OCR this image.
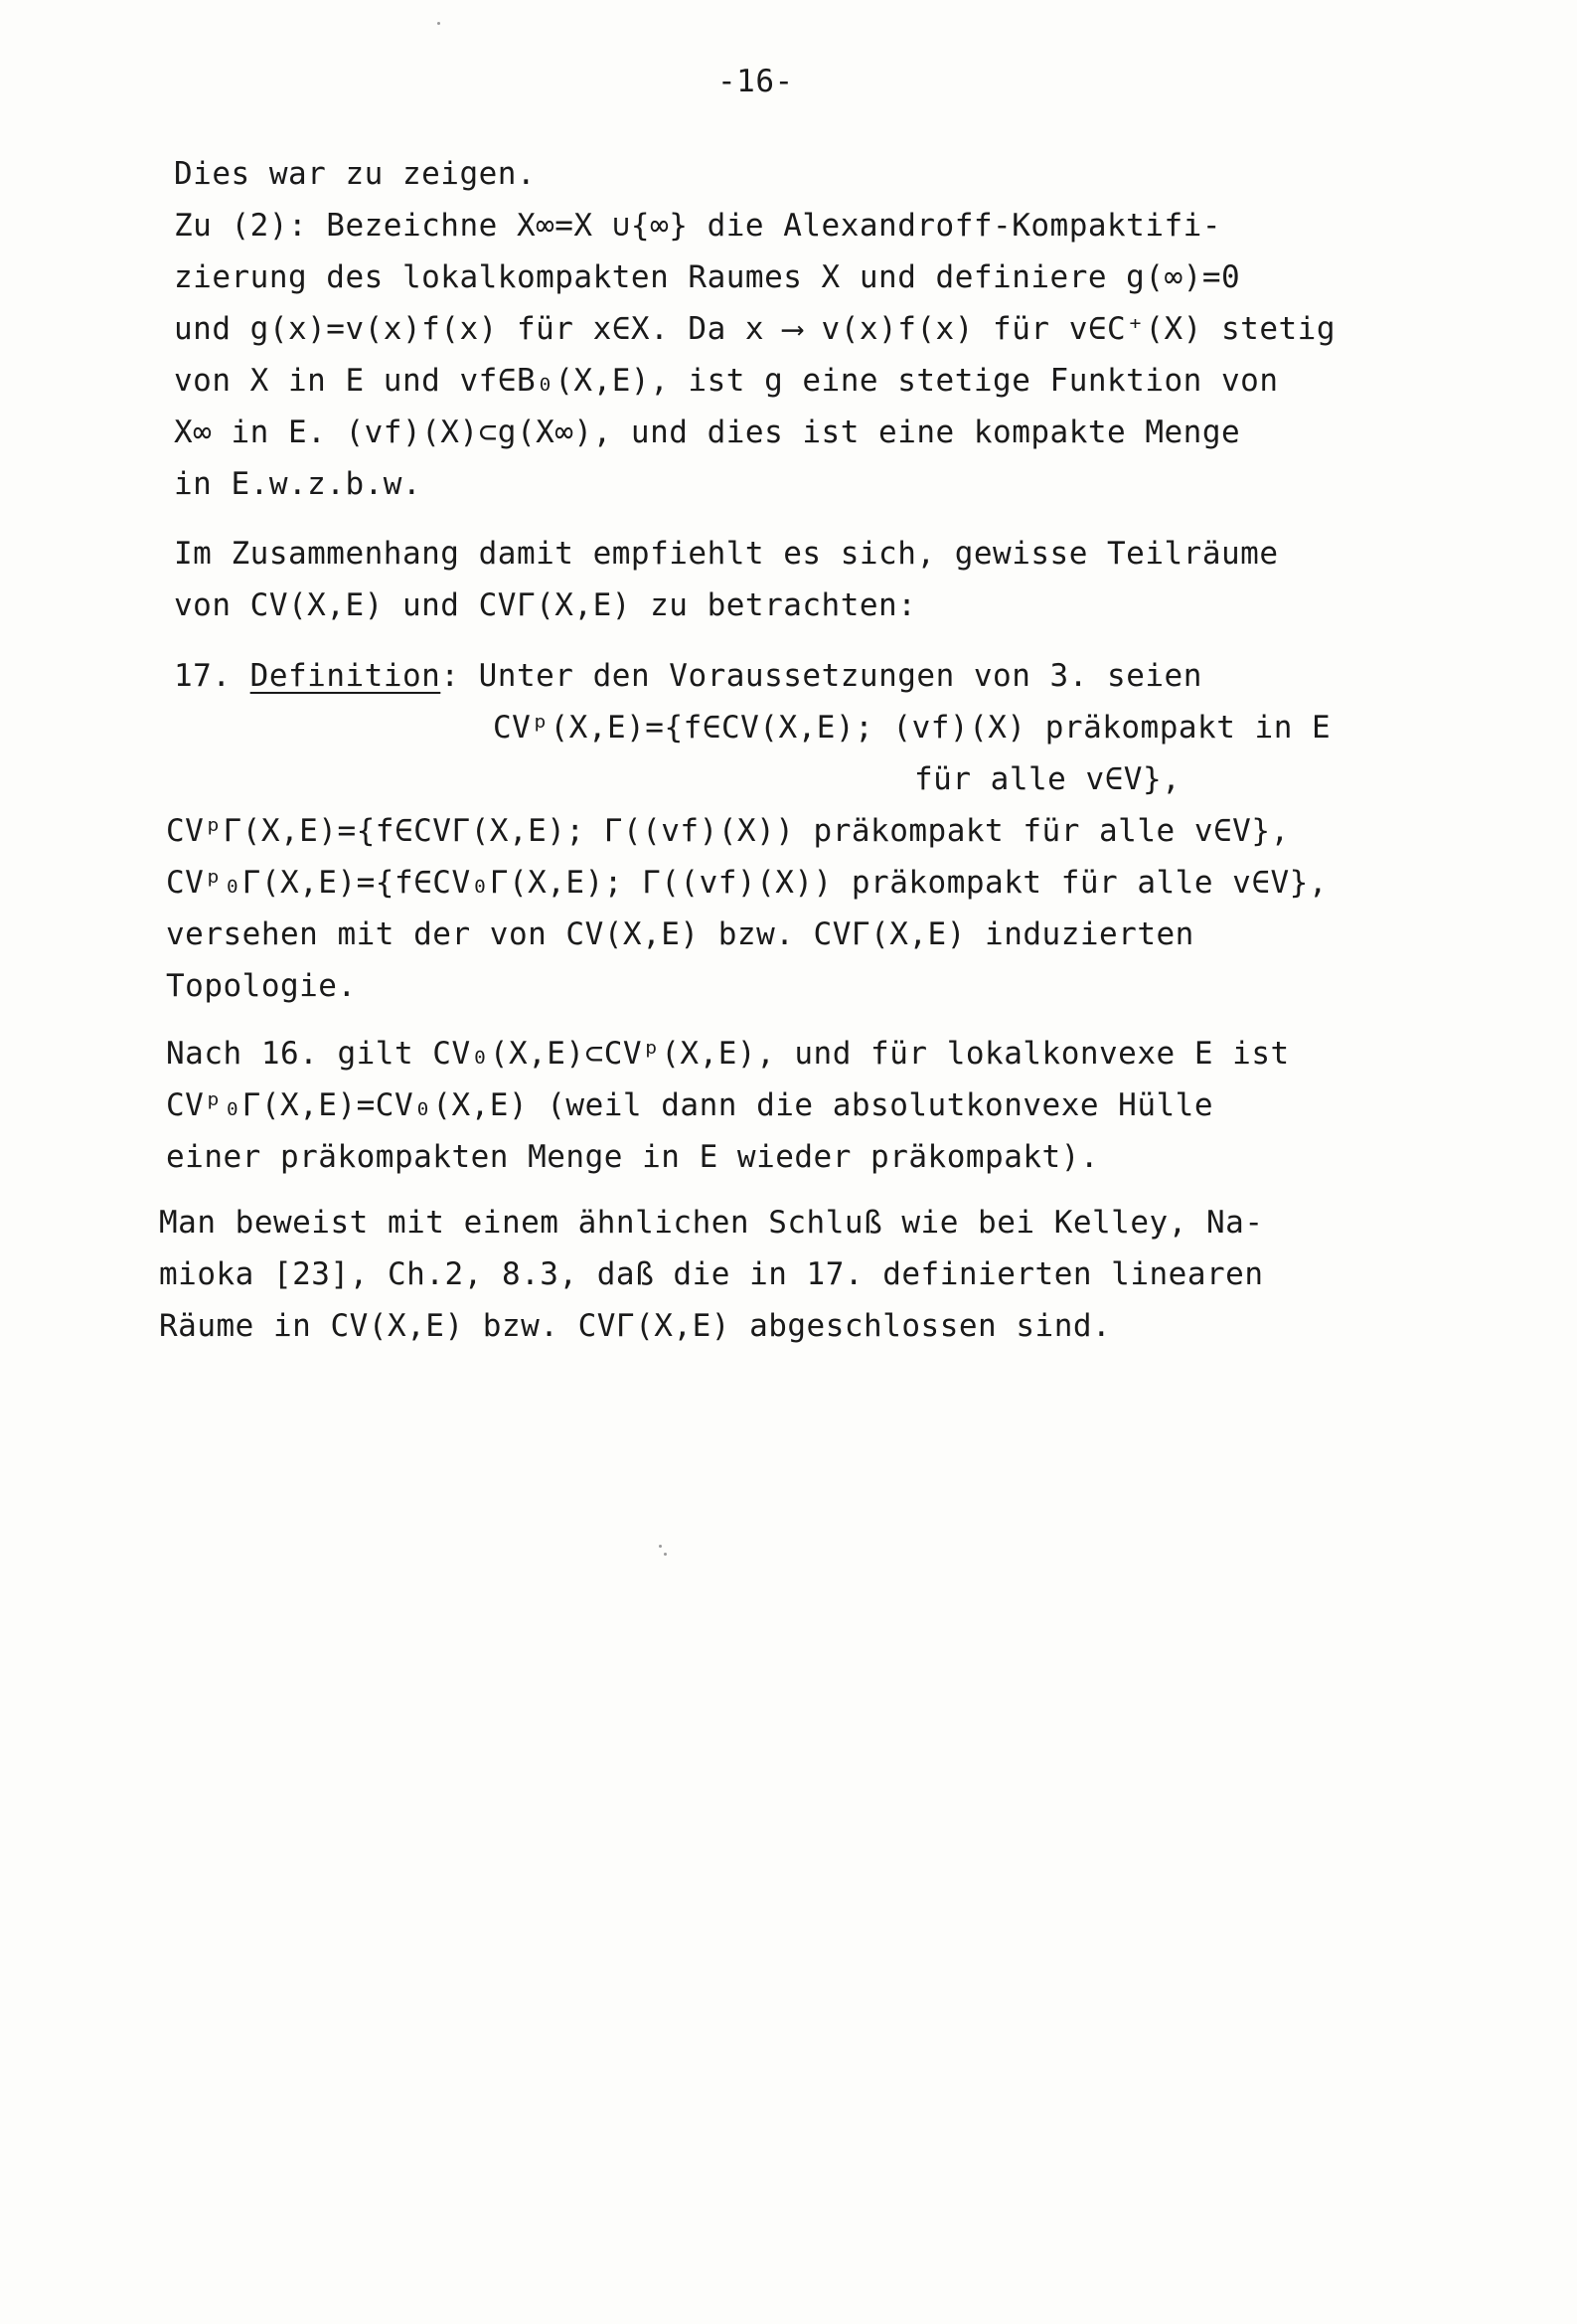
-16-
Dies war zu zeigen.
Zu (2): Bezeichne X∞=X ∪{∞} die Alexandroff-Kompaktifi-
zierung des lokalkompakten Raumes X und definiere g(∞)=0
und g(x)=v(x)f(x) für x∈X. Da x ⟶ v(x)f(x) für v∈C⁺(X) stetig
von X in E und vf∈B₀(X,E), ist g eine stetige Funktion von
X∞ in E. (vf)(X)⊂g(X∞), und dies ist eine kompakte Menge
in E.w.z.b.w.
Im Zusammenhang damit empfiehlt es sich, gewisse Teilräume
von CV(X,E) und CVΓ(X,E) zu betrachten:
17. Definition: Unter den Voraussetzungen von 3. seien
CVᵖ(X,E)={f∈CV(X,E); (vf)(X) präkompakt in E
für alle v∈V},
CVᵖΓ(X,E)={f∈CVΓ(X,E); Γ((vf)(X)) präkompakt für alle v∈V},
CVᵖ₀Γ(X,E)={f∈CV₀Γ(X,E); Γ((vf)(X)) präkompakt für alle v∈V},
versehen mit der von CV(X,E) bzw. CVΓ(X,E) induzierten
Topologie.
Nach 16. gilt CV₀(X,E)⊂CVᵖ(X,E), und für lokalkonvexe E ist
CVᵖ₀Γ(X,E)=CV₀(X,E) (weil dann die absolutkonvexe Hülle
einer präkompakten Menge in E wieder präkompakt).
Man beweist mit einem ähnlichen Schluß wie bei Kelley, Na-
mioka [23], Ch.2, 8.3, daß die in 17. definierten linearen
Räume in CV(X,E) bzw. CVΓ(X,E) abgeschlossen sind.
